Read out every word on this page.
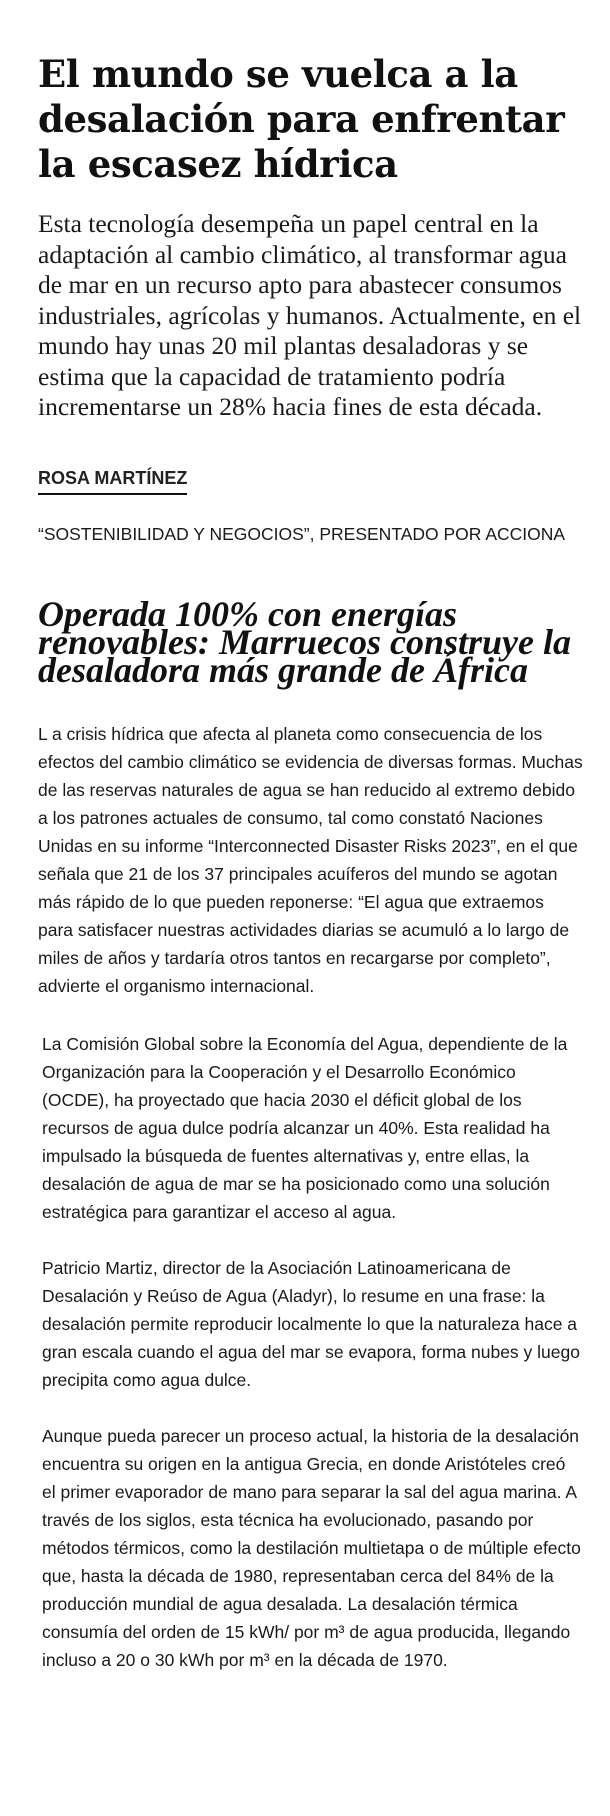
El mundo se vuelca a la desalación para enfrentar la escasez hídrica

Esta tecnología desempeña un papel central en la adaptación al cambio climático, al transformar agua de mar en un recurso apto para abastecer consumos industriales, agrícolas y humanos. Actualmente, en el mundo hay unas 20 mil plantas desaladoras y se estima que la capacidad de tratamiento podría incrementarse un 28% hacia fines de esta década.

ROSA MARTÍNEZ

“SOSTENIBILIDAD Y NEGOCIOS”, PRESENTADO POR ACCIONA

Operada 100% con energías renovables: Marruecos construye la desaladora más grande de África

L a crisis hídrica que afecta al planeta como consecuencia de los efectos del cambio climático se evidencia de diversas formas. Muchas de las reservas naturales de agua se han reducido al extremo debido a los patrones actuales de consumo, tal como constató Naciones Unidas en su informe “Interconnected Disaster Risks 2023”, en el que señala que 21 de los 37 principales acuíferos del mundo se agotan más rápido de lo que pueden reponerse: “El agua que extraemos para satisfacer nuestras actividades diarias se acumuló a lo largo de miles de años y tardaría otros tantos en recargarse por completo”, advierte el organismo internacional.

La Comisión Global sobre la Economía del Agua, dependiente de la Organización para la Cooperación y el Desarrollo Económico (OCDE), ha proyectado que hacia 2030 el déficit global de los recursos de agua dulce podría alcanzar un 40%. Esta realidad ha impulsado la búsqueda de fuentes alternativas y, entre ellas, la desalación de agua de mar se ha posicionado como una solución estratégica para garantizar el acceso al agua.

Patricio Martiz, director de la Asociación Latinoamericana de Desalación y Reúso de Agua (Aladyr), lo resume en una frase: la desalación permite reproducir localmente lo que la naturaleza hace a gran escala cuando el agua del mar se evapora, forma nubes y luego precipita como agua dulce.

Aunque pueda parecer un proceso actual, la historia de la desalación encuentra su origen en la antigua Grecia, en donde Aristóteles creó el primer evaporador de mano para separar la sal del agua marina. A través de los siglos, esta técnica ha evolucionado, pasando por métodos térmicos, como la destilación multietapa o de múltiple efecto que, hasta la década de 1980, representaban cerca del 84% de la producción mundial de agua desalada. La desalación térmica consumía del orden de 15 kWh/ por m³ de agua producida, llegando incluso a 20 o 30 kWh por m³ en la década de 1970.
